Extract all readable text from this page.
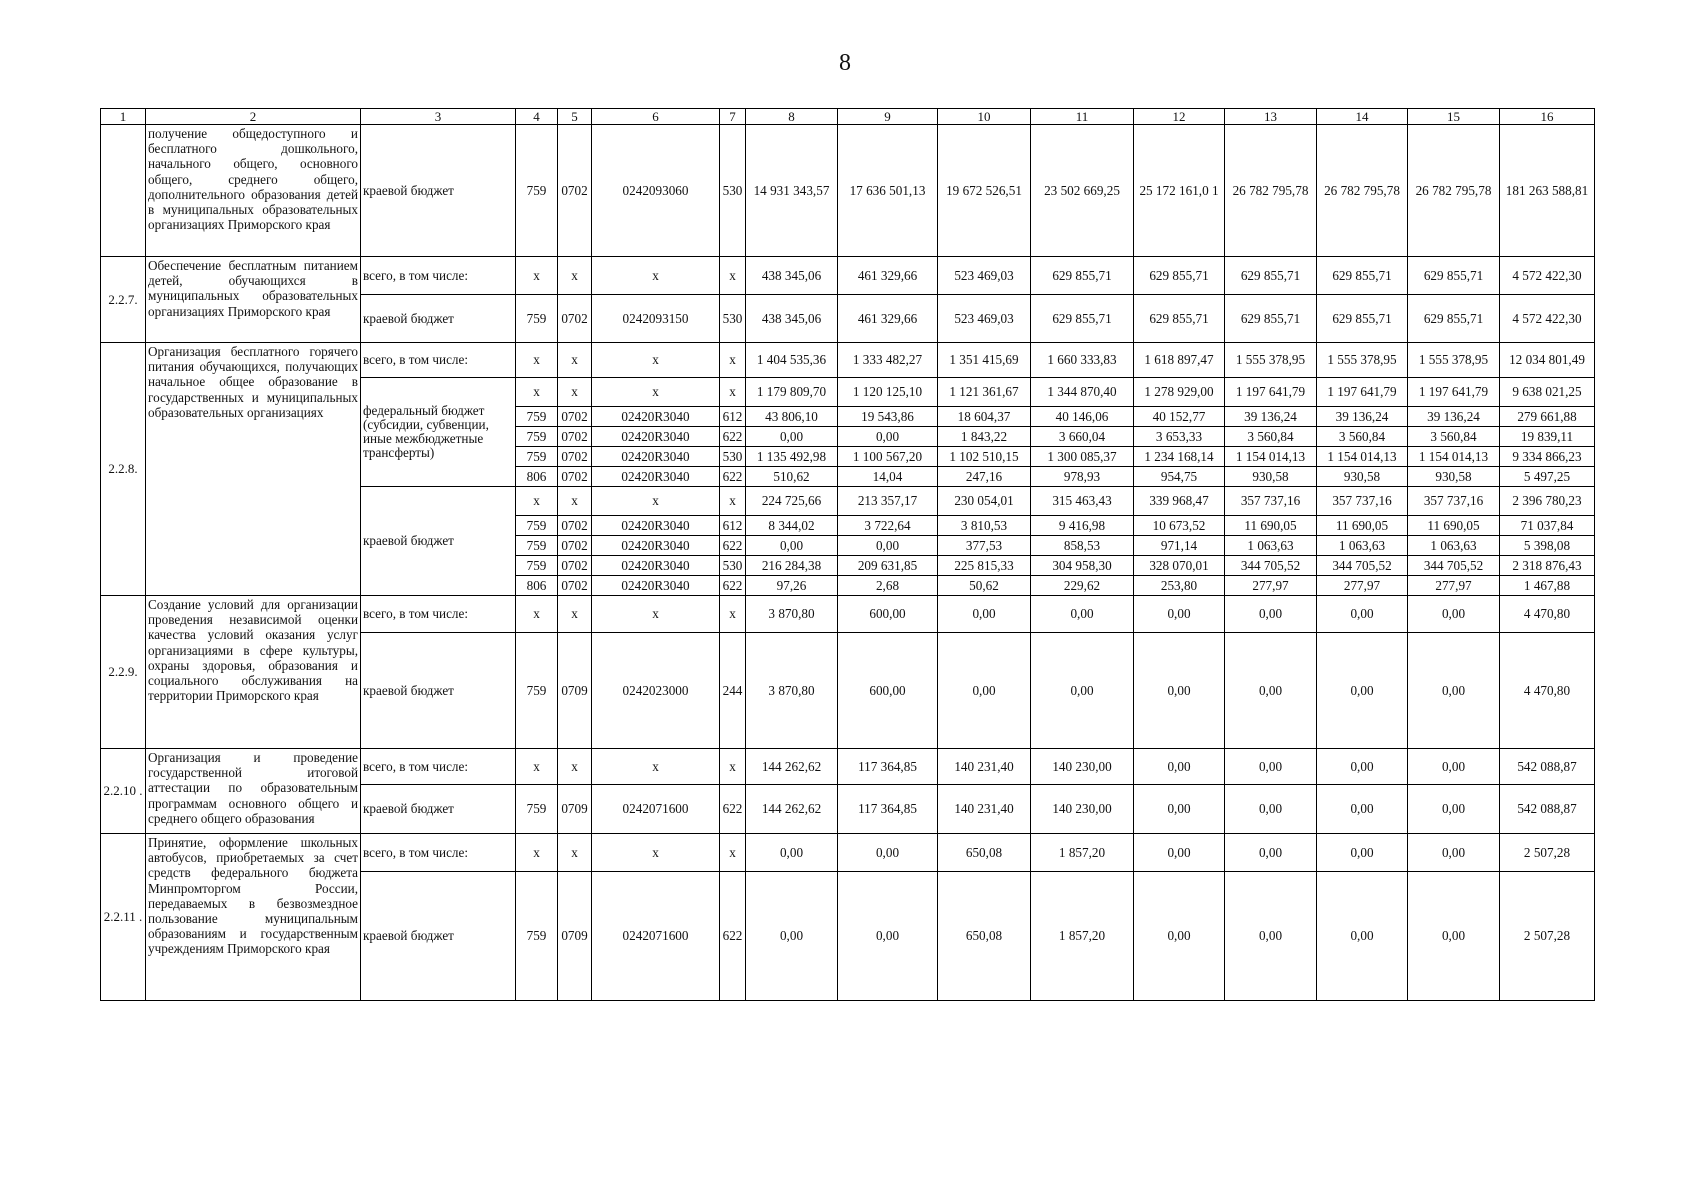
8
1	2	3	4	5	6	7	8	9	10	11	12	13	14	15	16
	получение общедоступного и бесплатного дошкольного, начального общего, основного общего, среднего общего, дополнительного образования детей в муниципальных образовательных организациях Приморского края	краевой бюджет	759	0702	0242093060	530	14 931 343,57	17 636 501,13	19 672 526,51	23 502 669,25	25 172 161,0 1	26 782 795,78	26 782 795,78	26 782 795,78	181 263 588,81
2.2.7.	Обеспечение бесплатным питанием детей, обучающихся в муниципальных образовательных организациях Приморского края	всего, в том числе:	x	x	x	x	438 345,06	461 329,66	523 469,03	629 855,71	629 855,71	629 855,71	629 855,71	629 855,71	4 572 422,30
		краевой бюджет	759	0702	0242093150	530	438 345,06	461 329,66	523 469,03	629 855,71	629 855,71	629 855,71	629 855,71	629 855,71	4 572 422,30
2.2.8.	Организация бесплатного горячего питания обучающихся, получающих начальное общее образование в государственных и муниципальных образовательных организациях	всего, в том числе:	x	x	x	x	1 404 535,36	1 333 482,27	1 351 415,69	1 660 333,83	1 618 897,47	1 555 378,95	1 555 378,95	1 555 378,95	12 034 801,49
		федеральный бюджет (субсидии, субвенции, иные межбюджетные трансферты)	x	x	x	x	1 179 809,70	1 120 125,10	1 121 361,67	1 344 870,40	1 278 929,00	1 197 641,79	1 197 641,79	1 197 641,79	9 638 021,25
			759	0702	02420R3040	612	43 806,10	19 543,86	18 604,37	40 146,06	40 152,77	39 136,24	39 136,24	39 136,24	279 661,88
			759	0702	02420R3040	622	0,00	0,00	1 843,22	3 660,04	3 653,33	3 560,84	3 560,84	3 560,84	19 839,11
			759	0702	02420R3040	530	1 135 492,98	1 100 567,20	1 102 510,15	1 300 085,37	1 234 168,14	1 154 014,13	1 154 014,13	1 154 014,13	9 334 866,23
			806	0702	02420R3040	622	510,62	14,04	247,16	978,93	954,75	930,58	930,58	930,58	5 497,25
		краевой бюджет	x	x	x	x	224 725,66	213 357,17	230 054,01	315 463,43	339 968,47	357 737,16	357 737,16	357 737,16	2 396 780,23
			759	0702	02420R3040	612	8 344,02	3 722,64	3 810,53	9 416,98	10 673,52	11 690,05	11 690,05	11 690,05	71 037,84
			759	0702	02420R3040	622	0,00	0,00	377,53	858,53	971,14	1 063,63	1 063,63	1 063,63	5 398,08
			759	0702	02420R3040	530	216 284,38	209 631,85	225 815,33	304 958,30	328 070,01	344 705,52	344 705,52	344 705,52	2 318 876,43
			806	0702	02420R3040	622	97,26	2,68	50,62	229,62	253,80	277,97	277,97	277,97	1 467,88
2.2.9.	Создание условий для организации проведения независимой оценки качества условий оказания услуг организациями в сфере культуры, охраны здоровья, образования и социального обслуживания на территории Приморского края	всего, в том числе:	x	x	x	x	3 870,80	600,00	0,00	0,00	0,00	0,00	0,00	0,00	4 470,80
		краевой бюджет	759	0709	0242023000	244	3 870,80	600,00	0,00	0,00	0,00	0,00	0,00	0,00	4 470,80
2.2.10 .	Организация и проведение государственной итоговой аттестации по образовательным программам основного общего и среднего общего образования	всего, в том числе:	x	x	x	x	144 262,62	117 364,85	140 231,40	140 230,00	0,00	0,00	0,00	0,00	542 088,87
		краевой бюджет	759	0709	0242071600	622	144 262,62	117 364,85	140 231,40	140 230,00	0,00	0,00	0,00	0,00	542 088,87
2.2.11 .	Принятие, оформление школьных автобусов, приобретаемых за счет средств федерального бюджета Минпромторгом России, передаваемых в безвозмездное пользование муниципальным образованиям и государственным учреждениям Приморского края	всего, в том числе:	x	x	x	x	0,00	0,00	650,08	1 857,20	0,00	0,00	0,00	0,00	2 507,28
		краевой бюджет	759	0709	0242071600	622	0,00	0,00	650,08	1 857,20	0,00	0,00	0,00	0,00	2 507,28
